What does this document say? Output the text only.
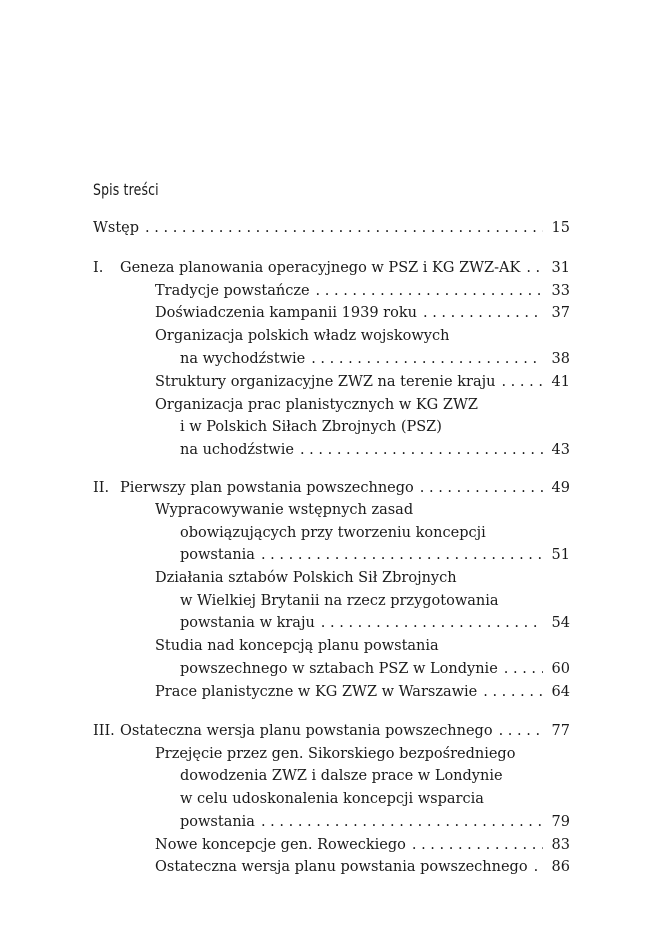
Spis treści
Wstęp . . .	15
I.	Geneza planowania operacyjnego w PSZ i KG ZWZ-AK . . . 31
Tradycje powstańcze . . .	33
Doświadczenia kampanii 1939 roku . . .	37
Organizacja polskich władz wojskowych
na wychodźstwie . . .	38
Struktury organizacyjne ZWZ na terenie kraju . . .	41
Organizacja prac planistycznych w KG ZWZ
i w Polskich Siłach Zbrojnych (PSZ)
na uchodźstwie . . .	43
II. Pierwszy plan powstania powszechnego . . .	49
Wypracowywanie wstępnych zasad
obowiązujących przy tworzeniu koncepcji
powstania . . .	51
Działania sztabów Polskich Sił Zbrojnych
w Wielkiej Brytanii na rzecz przygotowania
powstania w kraju . . .	54
Studia nad koncepcją planu powstania
powszechnego w sztabach PSZ w Londynie . . .	60
Prace planistyczne w KG ZWZ w Warszawie . . .	64
III. Ostateczna wersja planu powstania powszechnego . . .	77
Przejęcie przez gen. Sikorskiego bezpośredniego
dowodzenia ZWZ i dalsze prace w Londynie
w celu udoskonalenia koncepcji wsparcia
powstania . . .	79
Nowe koncepcje gen. Roweckiego . . .	83
Ostateczna wersja planu powstania powszechnego . . . 86
